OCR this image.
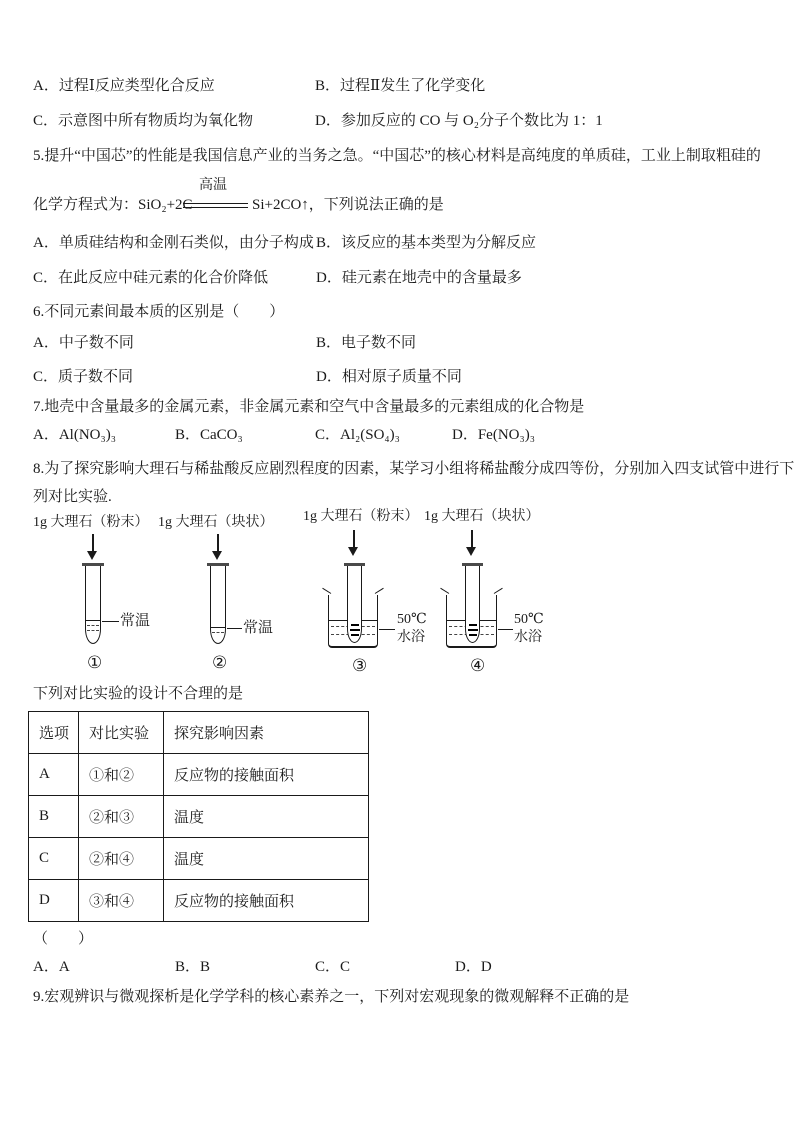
A．过程Ⅰ反应类型化合反应	B．过程Ⅱ发生了化学变化
C．示意图中所有物质均为氧化物	D．参加反应的 CO 与 O₂分子个数比为 1：1
5.提升“中国芯”的性能是我国信息产业的当务之急。“中国芯”的核心材料是高纯度的单质硅，工业上制取粗硅的
化学方程式为：SiO₂+2C
高温
Si+2CO↑，下列说法正确的是
A．单质硅结构和金刚石类似，由分子构成 B．该反应的基本类型为分解反应
C．在此反应中硅元素的化合价降低	D．硅元素在地壳中的含量最多
6.不同元素间最本质的区别是（　　）
A．中子数不同	B．电子数不同
C．质子数不同	D．相对原子质量不同
7.地壳中含量最多的金属元素，非金属元素和空气中含量最多的元素组成的化合物是
A．Al(NO₃)₃	B．CaCO₃	C．Al₂(SO₄)₃	D．Fe(NO₃)₃
8.为了探究影响大理石与稀盐酸反应剧烈程度的因素，某学习小组将稀盐酸分成四等份，分别加入四支试管中进行下
列对比实验.
1g 大理石（粉末） 1g 大理石（块状） 1g 大理石（粉末） 1g 大理石（块状）
常温
①
常温
②
50℃
水浴
③
50℃
水浴
④
下列对比实验的设计不合理的是
选项	对比实验	探究影响因素
A	①和②	反应物的接触面积
B	②和③	温度
C	②和④	温度
D	③和④	反应物的接触面积
（　　）
A．A	B．B	C．C	D．D
9.宏观辨识与微观探析是化学学科的核心素养之一，下列对宏观现象的微观解释不正确的是
